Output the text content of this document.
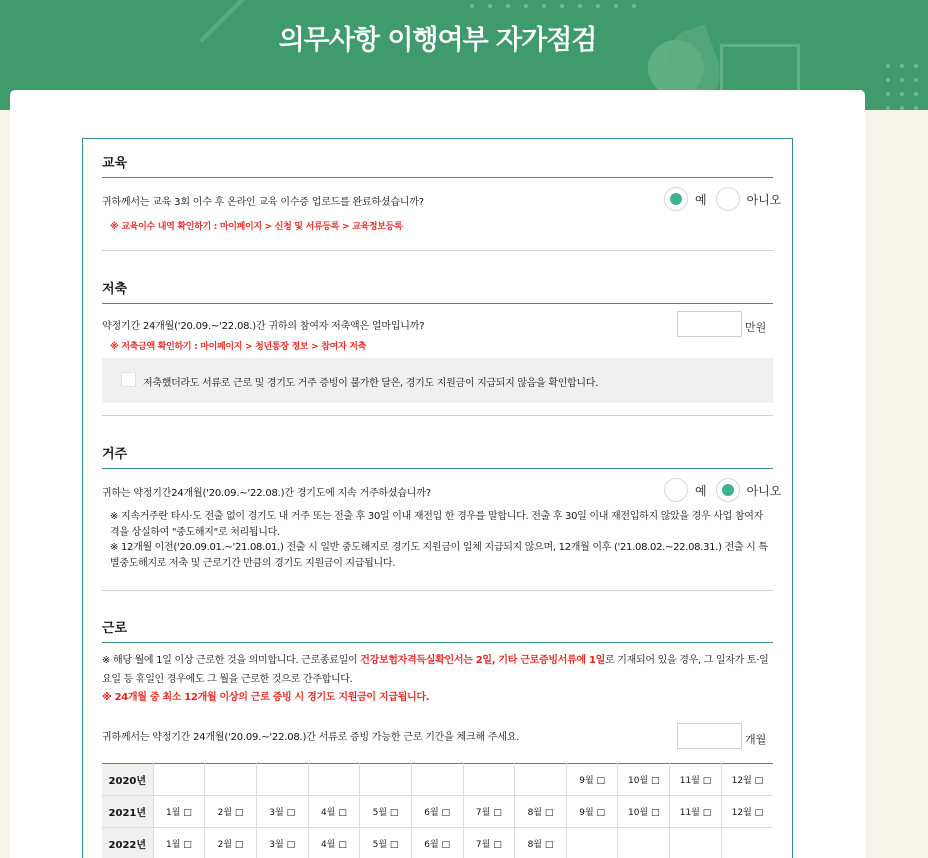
의무사항 이행여부 자가점검
교육
귀하께서는 교육 3회 이수 후 온라인 교육 이수증 업로드를 완료하셨습니까?	예	아니오
※ 교육이수 내역 확인하기 : 마이페이지 > 신청 및 서류등록 > 교육정보등록
저축
약정기간 24개월('20.09.~'22.08.)간 귀하의 참여자 저축액은 얼마입니까?	만원
※ 저축금액 확인하기 : 마이페이지 > 청년통장 정보 > 참여자 저축
저축했더라도 서류로 근로 및 경기도 거주 증빙이 불가한 달은, 경기도 지원금이 지급되지 않음을 확인합니다.
거주
귀하는 약정기간24개월('20.09.~'22.08.)간 경기도에 지속 거주하셨습니까?	예	아니오
※ 지속거주란 타시·도 전출 없이 경기도 내 거주 또는 전출 후 30일 이내 재전입 한 경우를 말합니다. 전출 후 30일 이내 재전입하지 않았을 경우 사업 참여자격을 상실하여 "중도해지"로 처리됩니다.
※ 12개월 이전('20.09.01.~'21.08.01.) 전출 시 일반 중도해지로 경기도 지원금이 일체 지급되지 않으며, 12개월 이후 ('21.08.02.~22.08.31.) 전출 시 특별중도해지로 저축 및 근로기간 만큼의 경기도 지원금이 지급됩니다.
근로
※ 해당 월에 1일 이상 근로한 것을 의미합니다. 근로종료일이 건강보험자격득실확인서는 2일, 기타 근로증빙서류에 1일로 기재되어 있을 경우, 그 일자가 토·일요일 등 휴일인 경우에도 그 월을 근로한 것으로 간주합니다.
※ 24개월 중 최소 12개월 이상의 근로 증빙 시 경기도 지원금이 지급됩니다.
귀하께서는 약정기간 24개월('20.09.~'22.08.)간 서류로 증빙 가능한 근로 기간을 체크해 주세요.	개월
2020년									9월 □	10월 □	11월 □	12월 □
2021년	1월 □	2월 □	3월 □	4월 □	5월 □	6월 □	7월 □	8월 □	9월 □	10월 □	11월 □	12월 □
2022년	1월 □	2월 □	3월 □	4월 □	5월 □	6월 □	7월 □	8월 □				
